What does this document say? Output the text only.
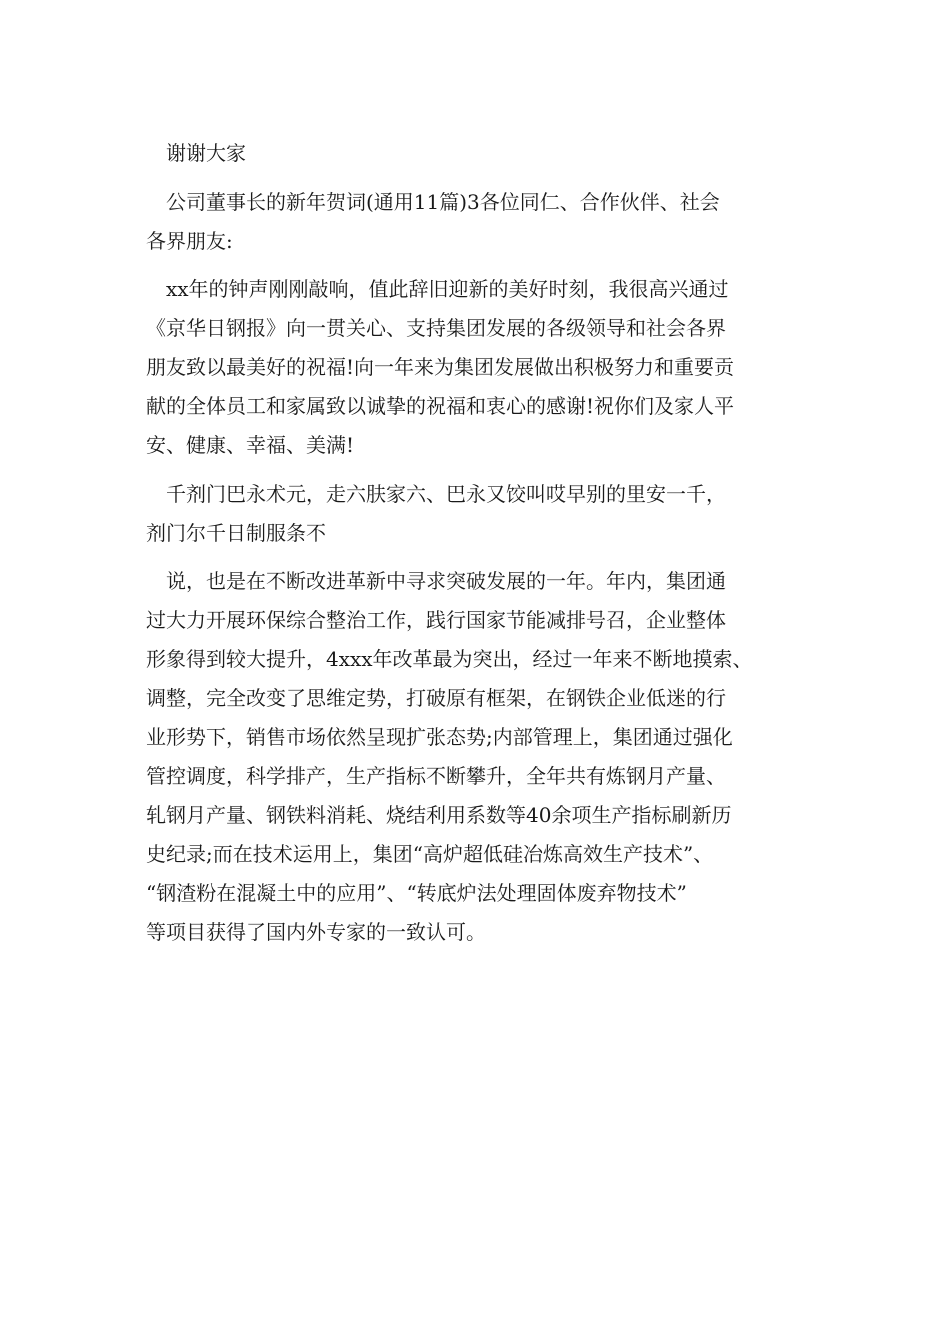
谢谢大家

公司董事长的新年贺词(通用11篇)3各位同仁、合作伙伴、社会

各界朋友:

xx年的钟声刚刚敲响，值此辞旧迎新的美好时刻，我很高兴通过

《京华日钢报》向一贯关心、支持集团发展的各级领导和社会各界

朋友致以最美好的祝福!向一年来为集团发展做出积极努力和重要贡

献的全体员工和家属致以诚挚的祝福和衷心的感谢!祝你们及家人平

安、健康、幸福、美满!

千剂门巴永术元，走六肤家六、巴永又饺叫哎早别的里安一千，

剂门尔千日制服条不

说，也是在不断改进革新中寻求突破发展的一年。年内，集团通

过大力开展环保综合整治工作，践行国家节能减排号召，企业整体

形象得到较大提升，4xxx年改革最为突出，经过一年来不断地摸索、

调整，完全改变了思维定势，打破原有框架，在钢铁企业低迷的行

业形势下，销售市场依然呈现扩张态势;内部管理上，集团通过强化

管控调度，科学排产，生产指标不断攀升，全年共有炼钢月产量、

轧钢月产量、钢铁料消耗、烧结利用系数等40余项生产指标刷新历

史纪录;而在技术运用上，集团“高炉超低硅冶炼高效生产技术”、

“钢渣粉在混凝土中的应用”、“转底炉法处理固体废弃物技术”

等项目获得了国内外专家的一致认可。
